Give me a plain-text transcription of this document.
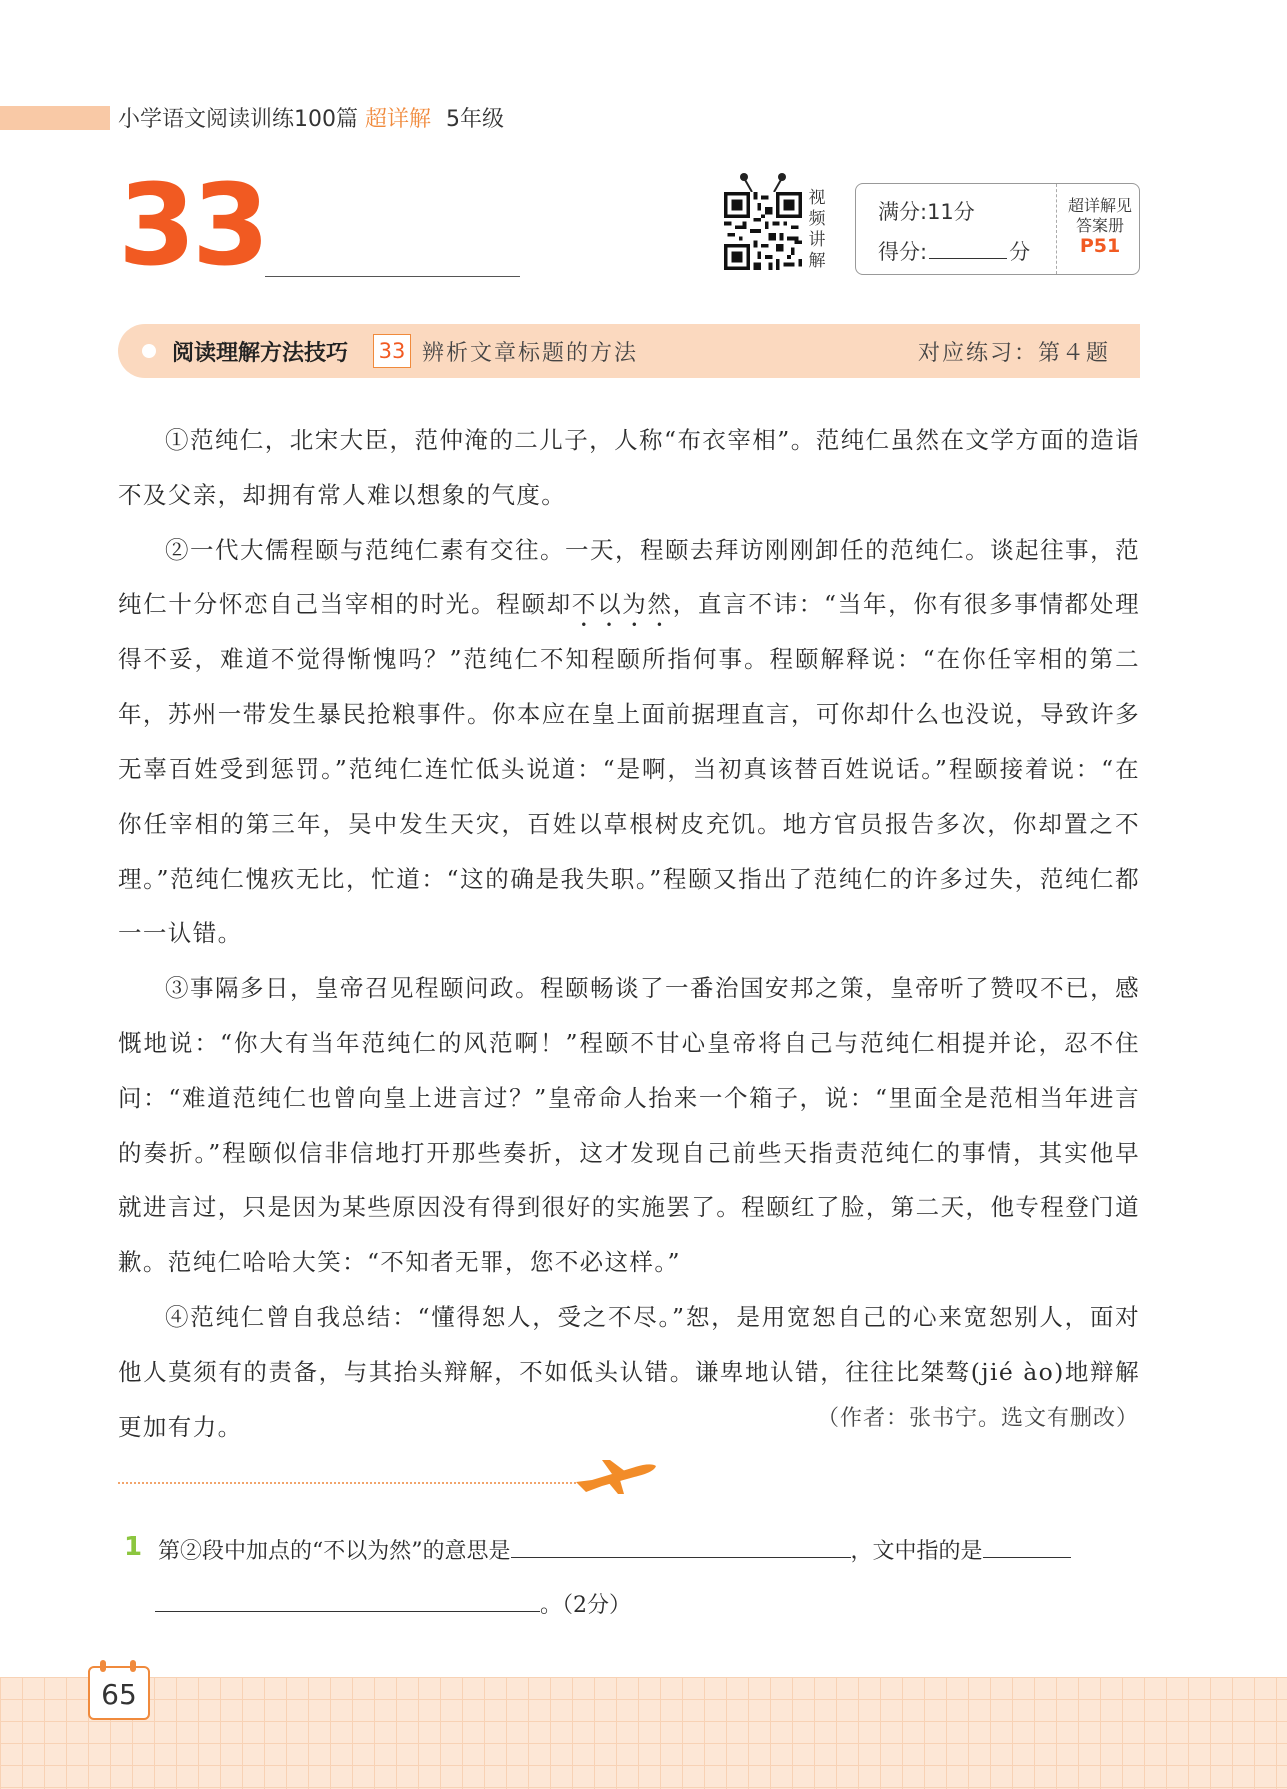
小学语文阅读训练100篇 超详解 5年级
33	视
频
讲
解
满分:11分
得分:	分
超详解见
答案册
P51
阅读理解方法技巧 33 辨析文章标题的方法	对应练习：第４题

①范纯仁，北宋大臣，范仲淹的二儿子，人称“布衣宰相”。范纯仁虽然在文学方面的造诣不及父亲，却拥有常人难以想象的气度。

②一代大儒程颐与范纯仁素有交往。一天，程颐去拜访刚刚卸任的范纯仁。谈起往事，范纯仁十分怀恋自己当宰相的时光。程颐却不以为然，直言不讳：“当年，你有很多事情都处理得不妥，难道不觉得惭愧吗？”范纯仁不知程颐所指何事。程颐解释说：“在你任宰相的第二年，苏州一带发生暴民抢粮事件。你本应在皇上面前据理直言，可你却什么也没说，导致许多无辜百姓受到惩罚。”范纯仁连忙低头说道：“是啊，当初真该替百姓说话。”程颐接着说：“在你任宰相的第三年，吴中发生天灾，百姓以草根树皮充饥。地方官员报告多次，你却置之不理。”范纯仁愧疚无比，忙道：“这的确是我失职。”程颐又指出了范纯仁的许多过失，范纯仁都一一认错。

③事隔多日，皇帝召见程颐问政。程颐畅谈了一番治国安邦之策，皇帝听了赞叹不已，感慨地说：“你大有当年范纯仁的风范啊！”程颐不甘心皇帝将自己与范纯仁相提并论，忍不住问：“难道范纯仁也曾向皇上进言过？”皇帝命人抬来一个箱子，说：“里面全是范相当年进言的奏折。”程颐似信非信地打开那些奏折，这才发现自己前些天指责范纯仁的事情，其实他早就进言过，只是因为某些原因没有得到很好的实施罢了。程颐红了脸，第二天，他专程登门道歉。范纯仁哈哈大笑：“不知者无罪，您不必这样。”

④范纯仁曾自我总结：“懂得恕人，受之不尽。”恕，是用宽恕自己的心来宽恕别人，面对他人莫须有的责备，与其抬头辩解，不如低头认错。谦卑地认错，往往比桀骜(jié ào)地辩解更加有力。	（作者：张书宁。选文有删改）
1 第②段中加点的“不以为然”的意思是	，文中指的是
。（2分）
65
